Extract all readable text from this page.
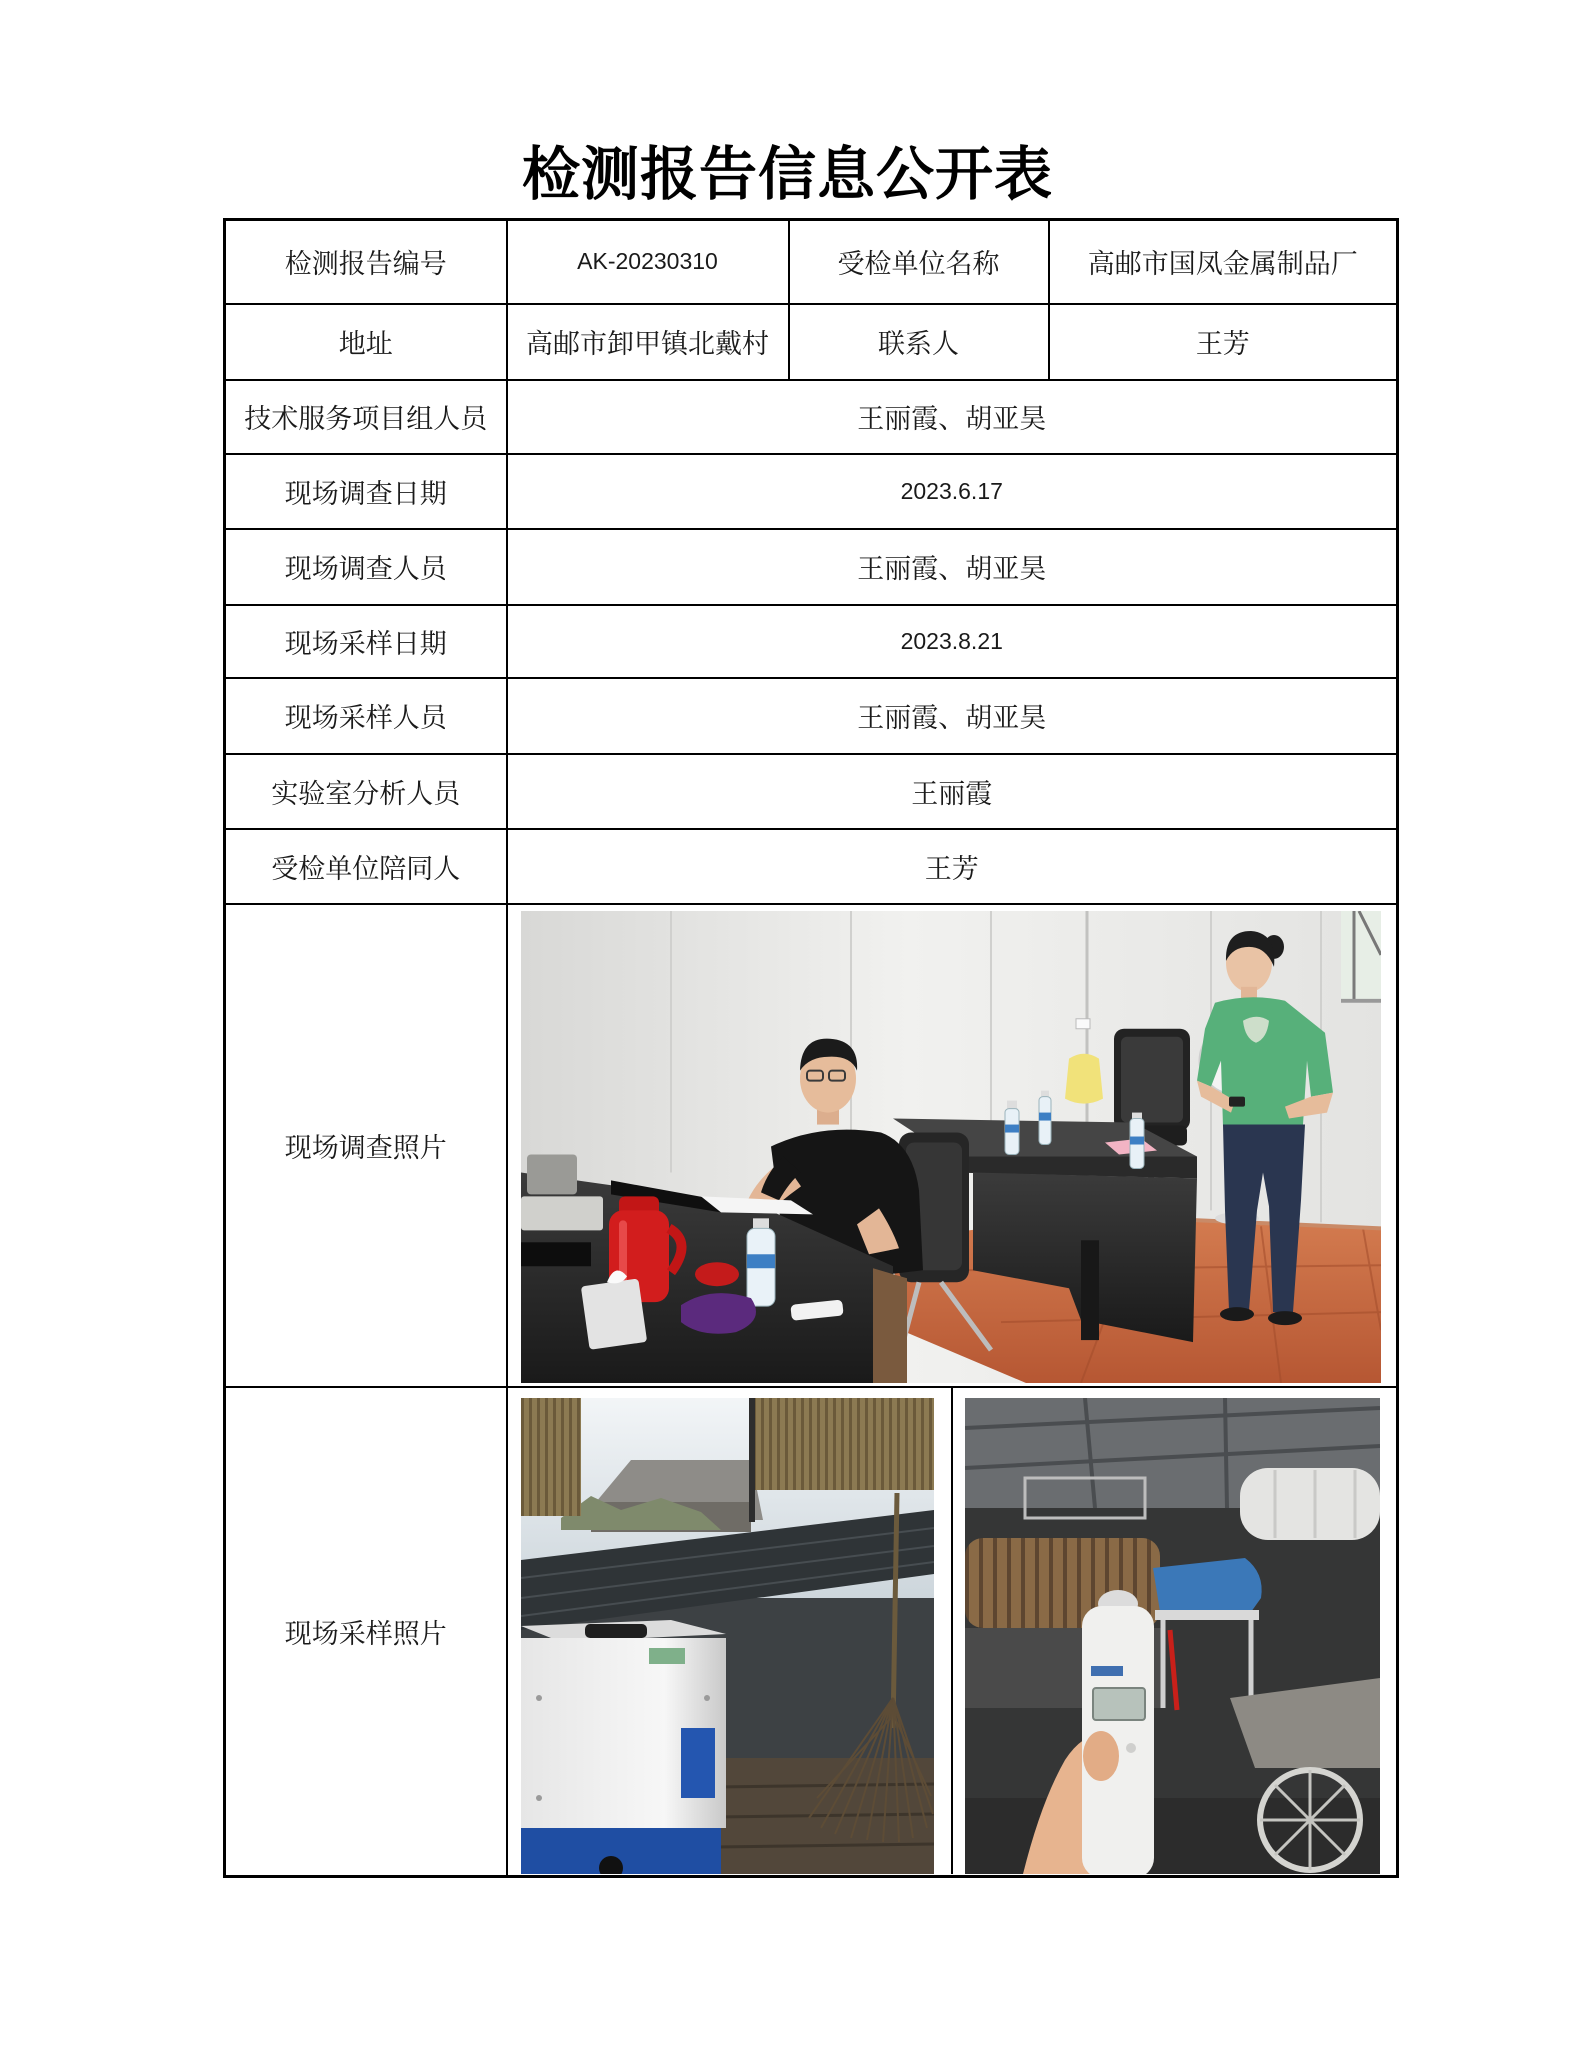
检测报告信息公开表
检测报告编号	AK-20230310	受检单位名称	高邮市国凤金属制品厂
地址	高邮市卸甲镇北戴村	联系人	王芳
技术服务项目组人员	王丽霞、胡亚昊		
现场调查日期	2023.6.17		
现场调查人员	王丽霞、胡亚昊		
现场采样日期	2023.8.21		
现场采样人员	王丽霞、胡亚昊		
实验室分析人员	王丽霞		
受检单位陪同人	王芳		
现场调查照片	

现场采样照片	
